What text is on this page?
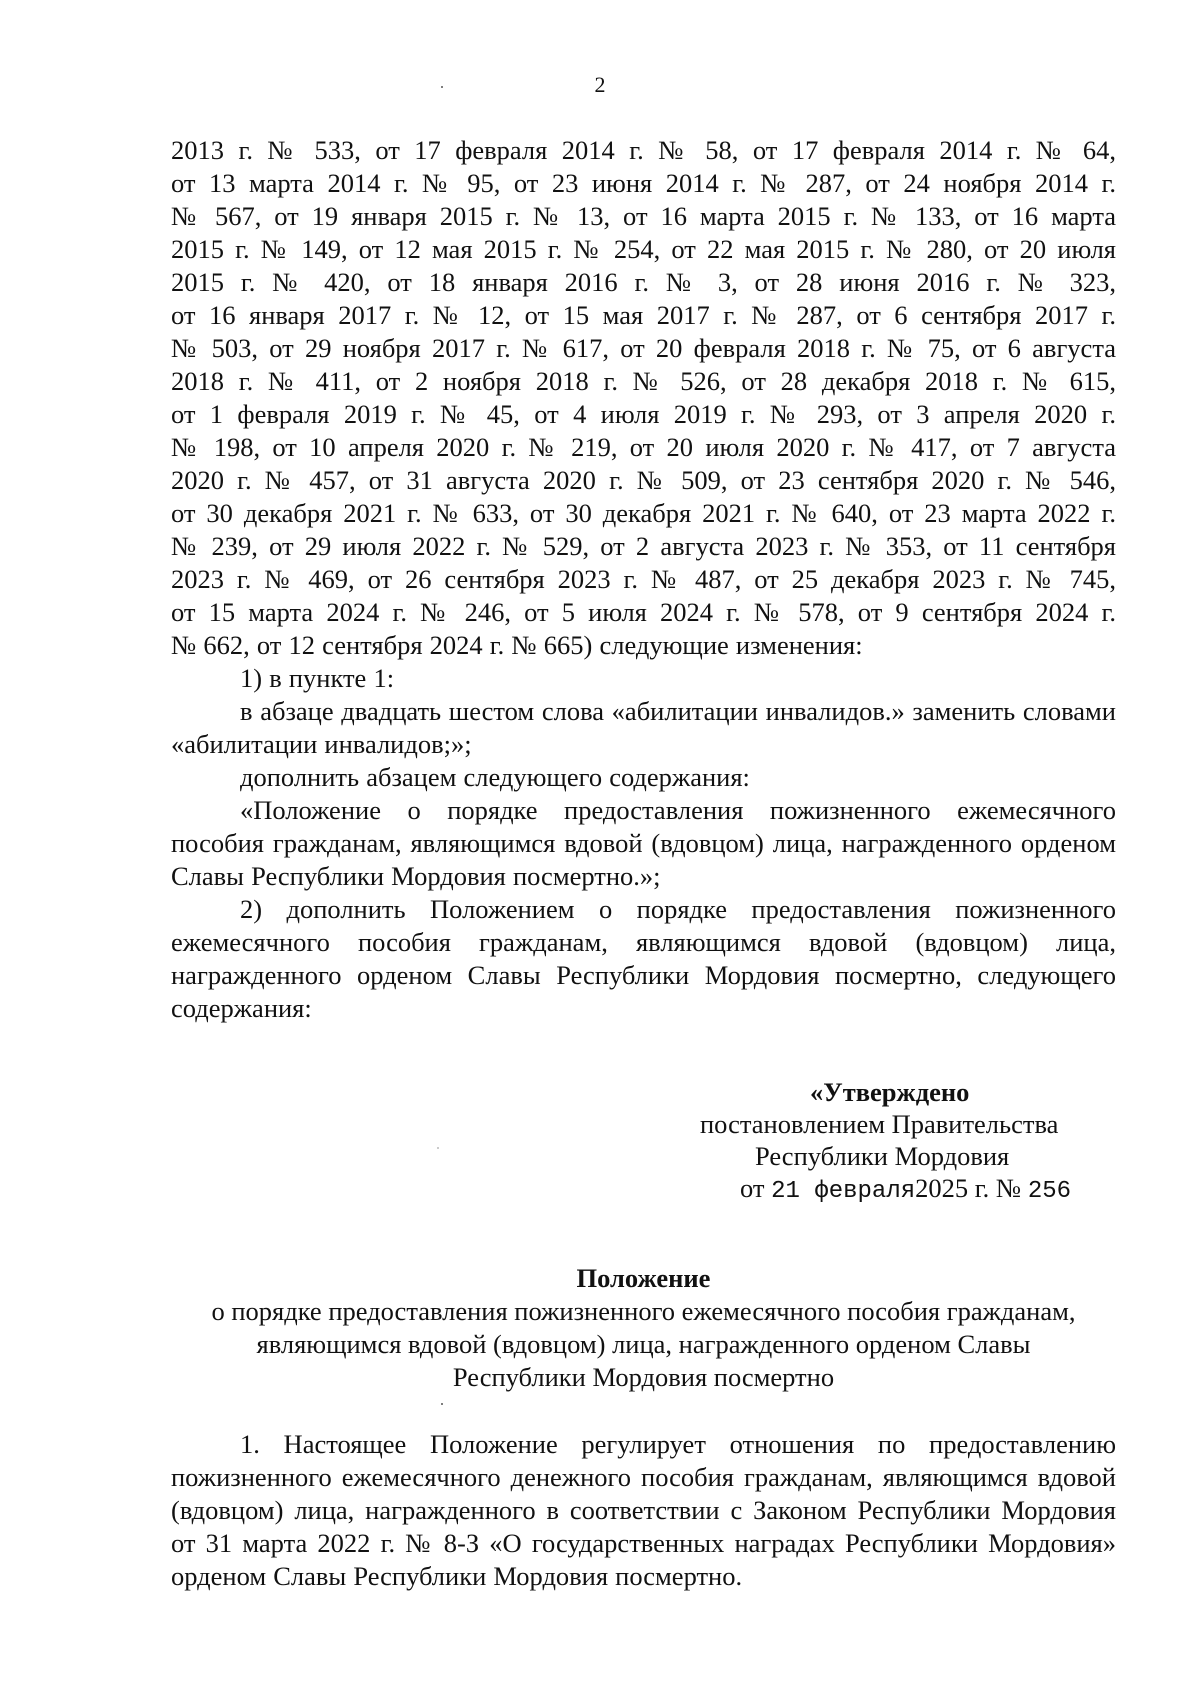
2

2013 г. № 533, от 17 февраля 2014 г. № 58, от 17 февраля 2014 г. № 64,

от 13 марта 2014 г. № 95, от 23 июня 2014 г. № 287, от 24 ноября 2014 г.

№ 567, от 19 января 2015 г. № 13, от 16 марта 2015 г. № 133, от 16 марта

2015 г. № 149, от 12 мая 2015 г. № 254, от 22 мая 2015 г. № 280, от 20 июля

2015 г. № 420, от 18 января 2016 г. № 3, от 28 июня 2016 г. № 323,

от 16 января 2017 г. № 12, от 15 мая 2017 г. № 287, от 6 сентября 2017 г.

№ 503, от 29 ноября 2017 г. № 617, от 20 февраля 2018 г. № 75, от 6 августа

2018 г. № 411, от 2 ноября 2018 г. № 526, от 28 декабря 2018 г. № 615,

от 1 февраля 2019 г. № 45, от 4 июля 2019 г. № 293, от 3 апреля 2020 г.

№ 198, от 10 апреля 2020 г. № 219, от 20 июля 2020 г. № 417, от 7 августа

2020 г. № 457, от 31 августа 2020 г. № 509, от 23 сентября 2020 г. № 546,

от 30 декабря 2021 г. № 633, от 30 декабря 2021 г. № 640, от 23 марта 2022 г.

№ 239, от 29 июля 2022 г. № 529, от 2 августа 2023 г. № 353, от 11 сентября

2023 г. № 469, от 26 сентября 2023 г. № 487, от 25 декабря 2023 г. № 745,

от 15 марта 2024 г. № 246, от 5 июля 2024 г. № 578, от 9 сентября 2024 г.

№ 662, от 12 сентября 2024 г. № 665) следующие изменения:

1) в пункте 1:

в абзаце двадцать шестом слова «абилитации инвалидов.» заменить словами «абилитации инвалидов;»;

дополнить абзацем следующего содержания:

«Положение о порядке предоставления пожизненного ежемесячного пособия гражданам, являющимся вдовой (вдовцом) лица, награжденного орденом Славы Республики Мордовия посмертно.»;

2) дополнить Положением о порядке предоставления пожизненного ежемесячного пособия гражданам, являющимся вдовой (вдовцом) лица, награжденного орденом Славы Республики Мордовия посмертно, следующего содержания:

«Утверждено
постановлением Правительства
Республики Мордовия
от 21 февраля2025 г. № 256
Положение
о порядке предоставления пожизненного ежемесячного пособия гражданам,
являющимся вдовой (вдовцом) лица, награжденного орденом Славы
Республики Мордовия посмертно

1. Настоящее Положение регулирует отношения по предоставлению пожизненного ежемесячного денежного пособия гражданам, являющимся вдовой (вдовцом) лица, награжденного в соответствии с Законом Республики Мордовия от 31 марта 2022 г. № 8-З «О государственных наградах Республики Мордовия» орденом Славы Республики Мордовия посмертно.
